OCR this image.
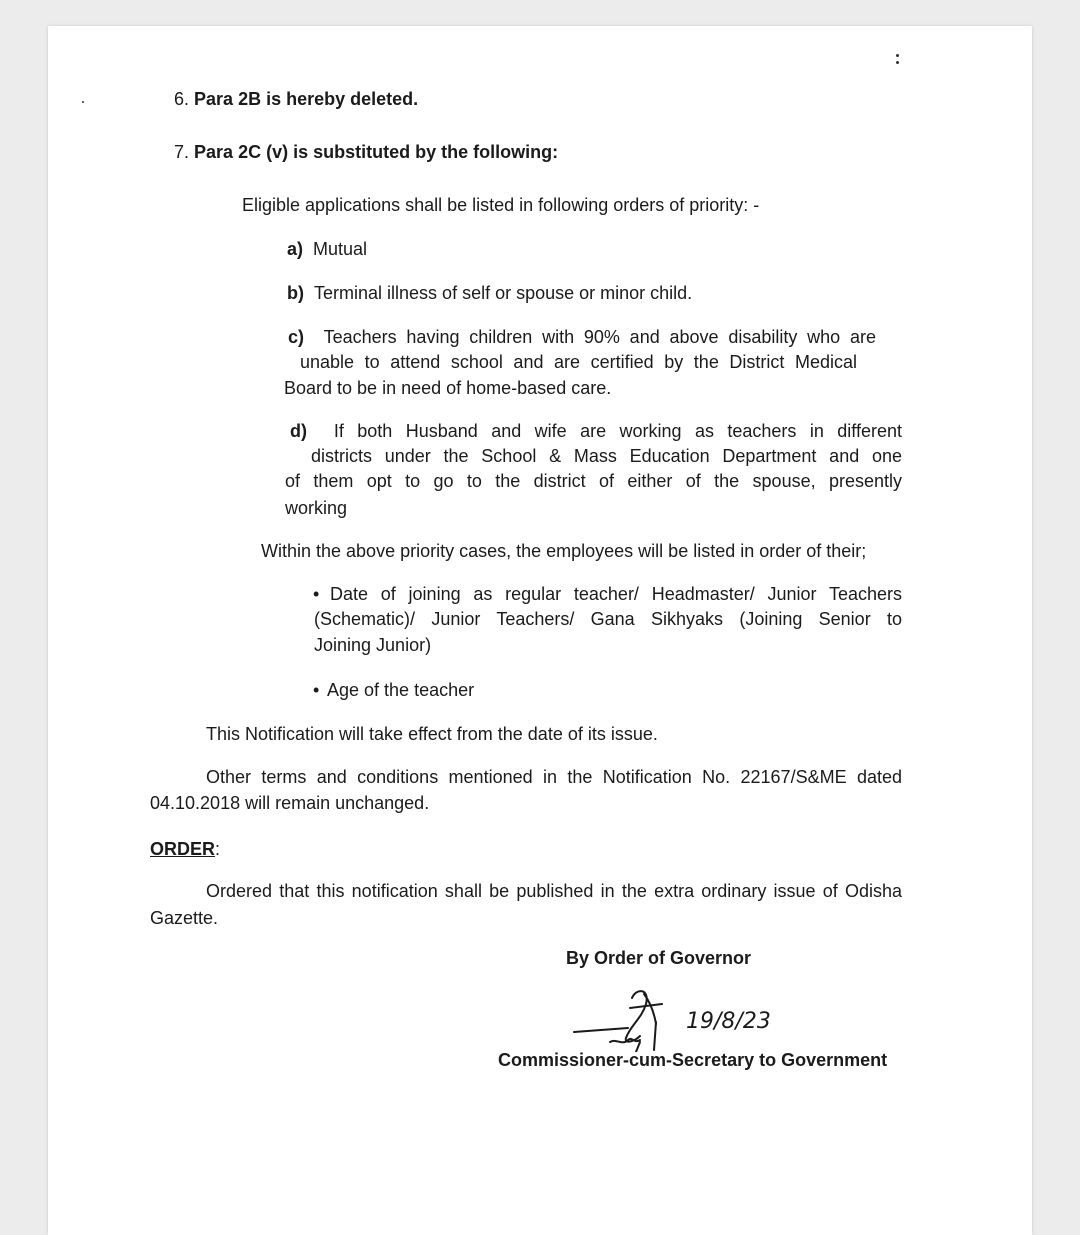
6. Para 2B is hereby deleted.

7. Para 2C (v) is substituted by the following:

Eligible applications shall be listed in following orders of priority: -

a) Mutual

b) Terminal illness of self or spouse or minor child.

c) Teachers having children with 90% and above disability who are

unable to attend school and are certified by the District Medical

Board to be in need of home-based care.

d) If both Husband and wife are working as teachers in different

districts under the School & Mass Education Department and one

of them opt to go to the district of either of the spouse, presently

working

Within the above priority cases, the employees will be listed in order of their;

• Date of joining as regular teacher/ Headmaster/ Junior Teachers

(Schematic)/ Junior Teachers/ Gana Sikhyaks (Joining Senior to

Joining Junior)

• Age of the teacher

This Notification will take effect from the date of its issue.

Other terms and conditions mentioned in the Notification No. 22167/S&ME dated

04.10.2018 will remain unchanged.

ORDER:

Ordered that this notification shall be published in the extra ordinary issue of Odisha

Gazette.

By Order of Governor

19/8/23

Commissioner-cum-Secretary to Government
